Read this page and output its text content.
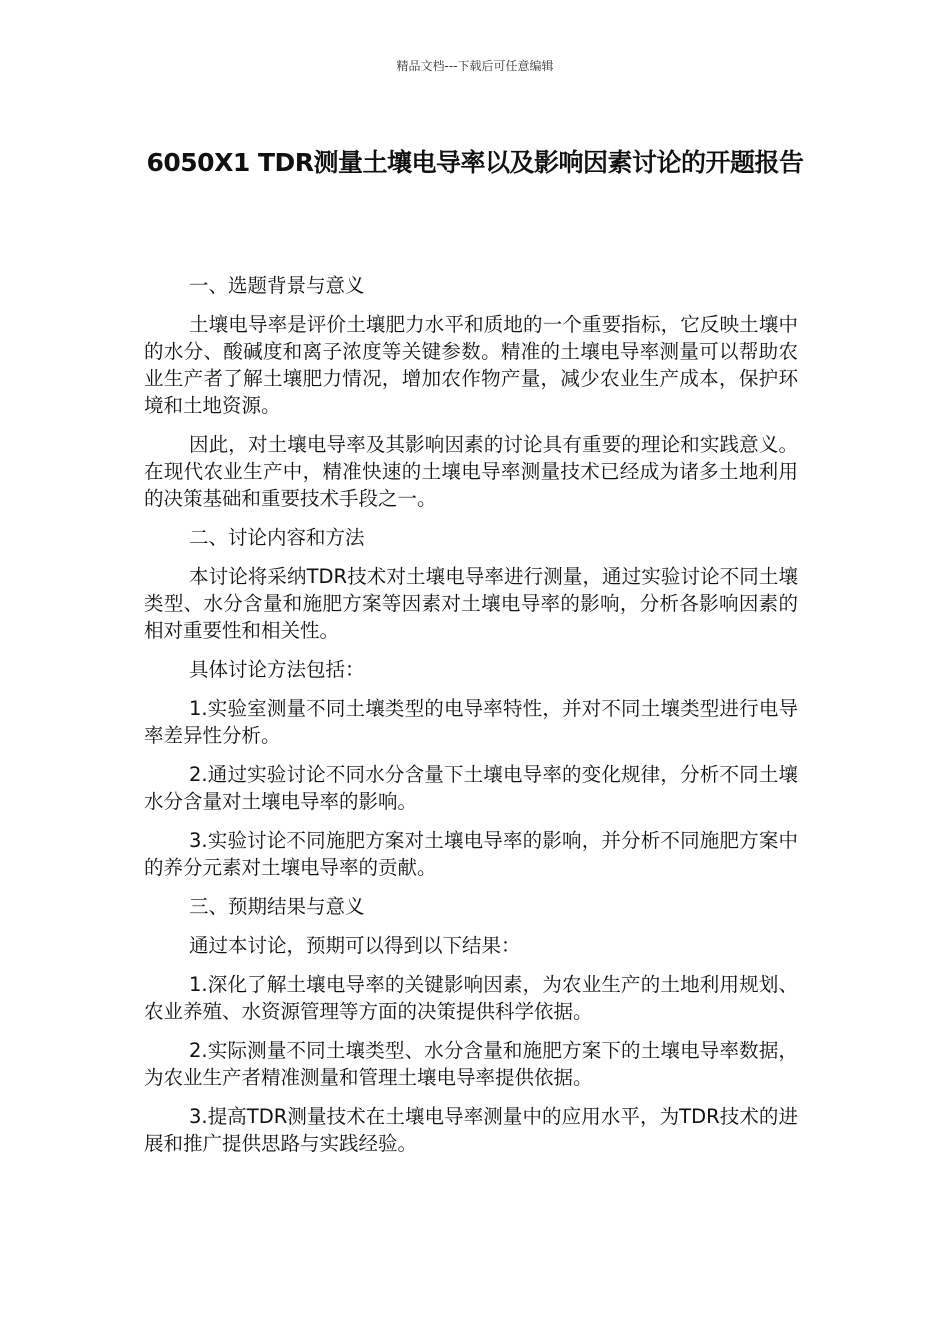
精品文档---下载后可任意编辑
6050X1 TDR测量土壤电导率以及影响因素讨论的开题报告

一、选题背景与意义

土壤电导率是评价土壤肥力水平和质地的一个重要指标，它反映土壤中的水分、酸碱度和离子浓度等关键参数。精准的土壤电导率测量可以帮助农业生产者了解土壤肥力情况，增加农作物产量，减少农业生产成本，保护环境和土地资源。

因此，对土壤电导率及其影响因素的讨论具有重要的理论和实践意义。在现代农业生产中，精准快速的土壤电导率测量技术已经成为诸多土地利用的决策基础和重要技术手段之一。

二、讨论内容和方法

本讨论将采纳TDR技术对土壤电导率进行测量，通过实验讨论不同土壤类型、水分含量和施肥方案等因素对土壤电导率的影响，分析各影响因素的相对重要性和相关性。

具体讨论方法包括：

1.实验室测量不同土壤类型的电导率特性，并对不同土壤类型进行电导率差异性分析。

2.通过实验讨论不同水分含量下土壤电导率的变化规律，分析不同土壤水分含量对土壤电导率的影响。

3.实验讨论不同施肥方案对土壤电导率的影响，并分析不同施肥方案中的养分元素对土壤电导率的贡献。

三、预期结果与意义

通过本讨论，预期可以得到以下结果：

1.深化了解土壤电导率的关键影响因素，为农业生产的土地利用规划、农业养殖、水资源管理等方面的决策提供科学依据。

2.实际测量不同土壤类型、水分含量和施肥方案下的土壤电导率数据，为农业生产者精准测量和管理土壤电导率提供依据。

3.提高TDR测量技术在土壤电导率测量中的应用水平，为TDR技术的进展和推广提供思路与实践经验。
